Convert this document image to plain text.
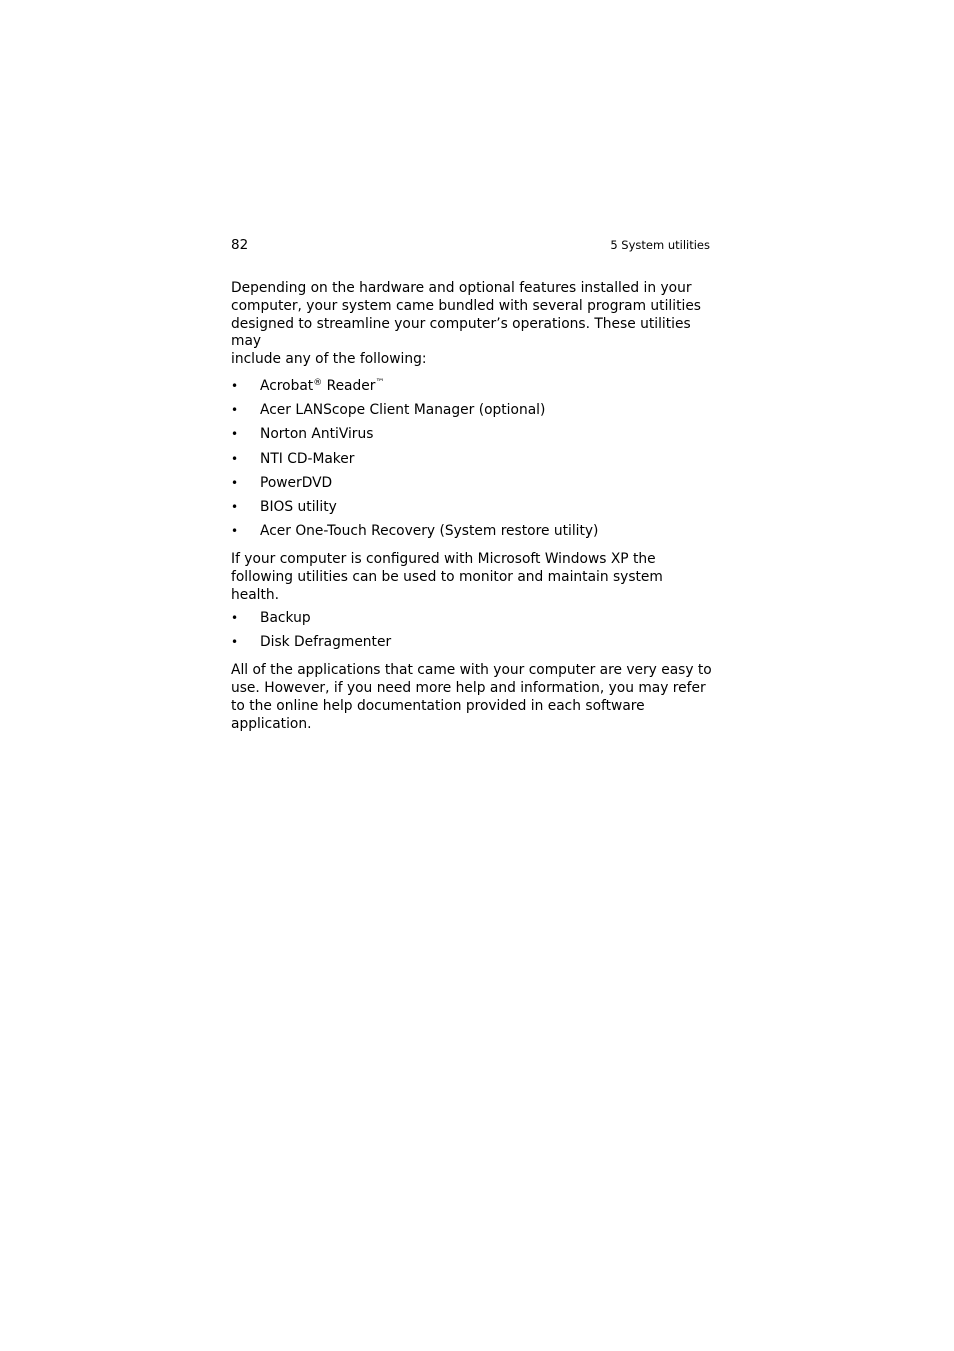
82	5 System utilities

Depending on the hardware and optional features installed in your
computer, your system came bundled with several program utilities
designed to streamline your computer’s operations. These utilities may
include any of the following:

• Acrobat® Reader™
• Acer LANScope Client Manager (optional)
• Norton AntiVirus
• NTI CD-Maker
• PowerDVD
• BIOS utility
• Acer One-Touch Recovery (System restore utility)

If your computer is configured with Microsoft Windows XP the
following utilities can be used to monitor and maintain system health.

• Backup
• Disk Defragmenter

All of the applications that came with your computer are very easy to
use. However, if you need more help and information, you may refer
to the online help documentation provided in each software
application.
